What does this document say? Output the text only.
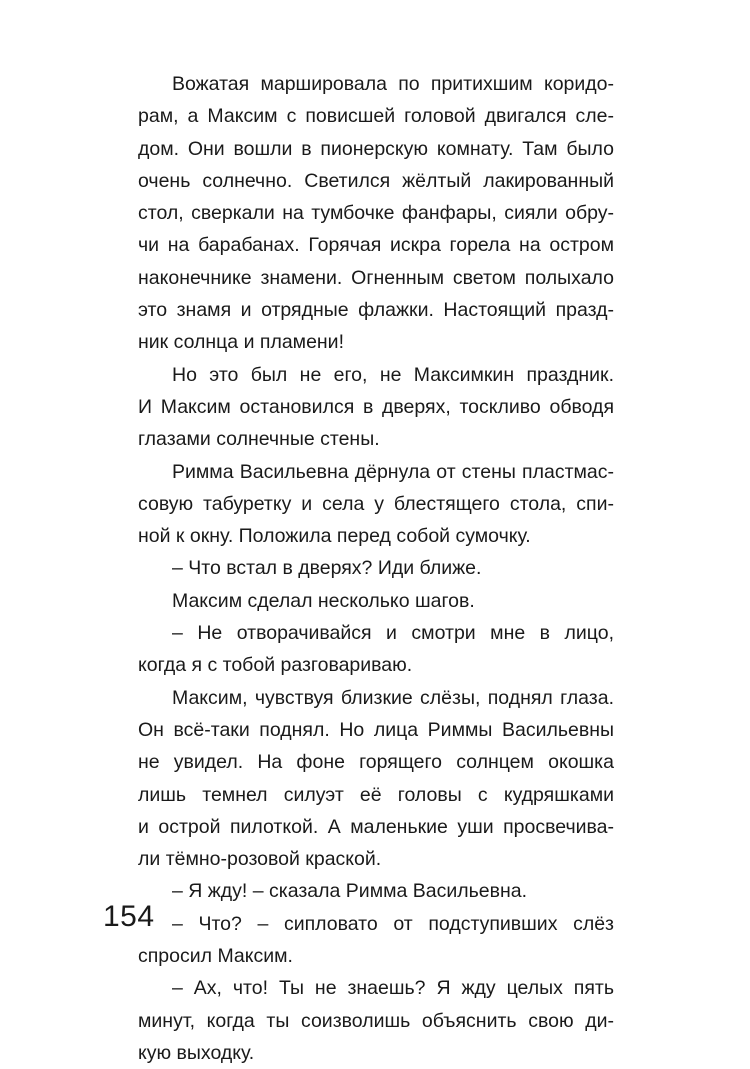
Вожатая маршировала по притихшим коридо-
рам, а Максим с повисшей головой двигался сле-
дом. Они вошли в пионерскую комнату. Там было
очень солнечно. Светился жёлтый лакированный
стол, сверкали на тумбочке фанфары, сияли обру-
чи на барабанах. Горячая искра горела на остром
наконечнике знамени. Огненным светом полыхало
это знамя и отрядные флажки. Настоящий празд-
ник солнца и пламени!
Но это был не его, не Максимкин праздник.
И Максим остановился в дверях, тоскливо обводя
глазами солнечные стены.
Римма Васильевна дёрнула от стены пластмас-
совую табуретку и села у блестящего стола, спи-
ной к окну. Положила перед собой сумочку.
– Что встал в дверях? Иди ближе.
Максим сделал несколько шагов.
– Не отворачивайся и смотри мне в лицо,
когда я с тобой разговариваю.
Максим, чувствуя близкие слёзы, поднял глаза.
Он всё-таки поднял. Но лица Риммы Васильевны
не увидел. На фоне горящего солнцем окошка
лишь темнел силуэт её головы с кудряшками
и острой пилоткой. А маленькие уши просвечива-
ли тёмно-розовой краской.
– Я жду! – сказала Римма Васильевна.
– Что? – сипловато от подступивших слёз
спросил Максим.
– Ах, что! Ты не знаешь? Я жду целых пять
минут, когда ты соизволишь объяснить свою ди-
кую выходку.
154
